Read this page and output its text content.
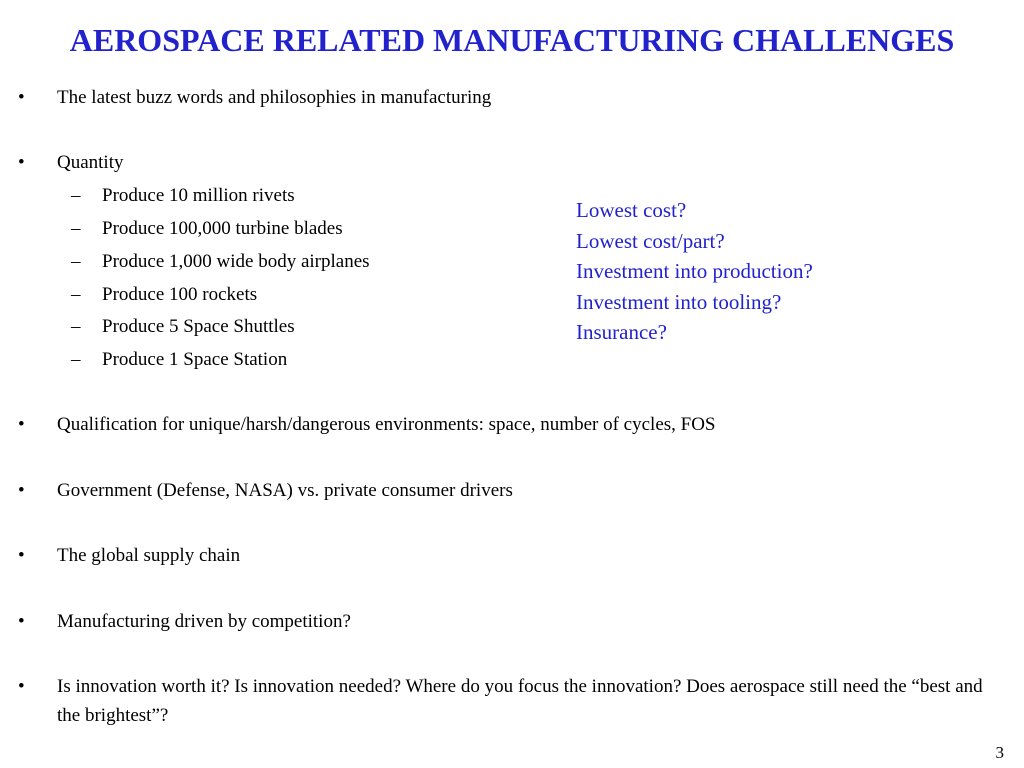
AEROSPACE RELATED MANUFACTURING CHALLENGES
• The latest buzz words and philosophies in manufacturing
• Quantity
– Produce 10 million rivets
– Produce 100,000 turbine blades
– Produce 1,000 wide body airplanes
– Produce 100 rockets
– Produce 5 Space Shuttles
– Produce 1 Space Station
Lowest cost?
Lowest cost/part?
Investment into production?
Investment into tooling?
Insurance?
• Qualification for unique/harsh/dangerous environments: space, number of cycles, FOS
• Government (Defense, NASA) vs. private consumer drivers
• The global supply chain
• Manufacturing driven by competition?
• Is innovation worth it? Is innovation needed? Where do you focus the innovation? Does aerospace still need the “best and the brightest”?
3
